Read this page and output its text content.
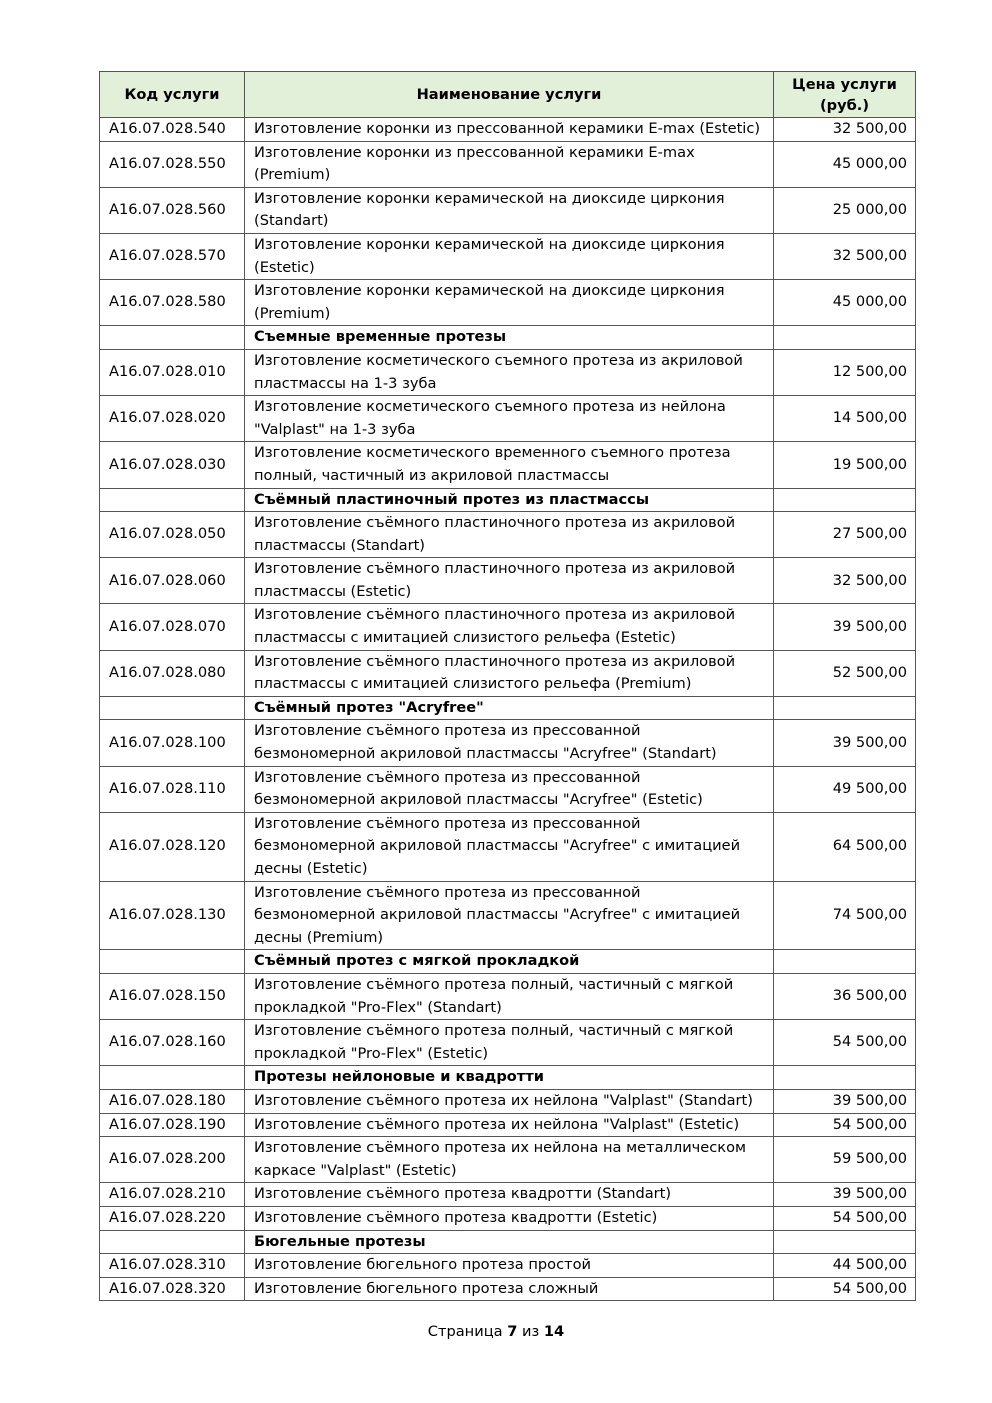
Код услуги	Наименование услуги	Цена услуги (руб.)
A16.07.028.540	Изготовление коронки из прессованной керамики E-max (Estetic)	32 500,00
A16.07.028.550	Изготовление коронки из прессованной керамики E-max (Premium)	45 000,00
A16.07.028.560	Изготовление коронки керамической на диоксиде циркония (Standart)	25 000,00
A16.07.028.570	Изготовление коронки керамической на диоксиде циркония (Estetic)	32 500,00
A16.07.028.580	Изготовление коронки керамической на диоксиде циркония (Premium)	45 000,00
	Съемные временные протезы	
A16.07.028.010	Изготовление косметического съемного протеза из акриловой пластмассы на 1-3 зуба	12 500,00
A16.07.028.020	Изготовление косметического съемного протеза из нейлона "Valplast" на 1-3 зуба	14 500,00
A16.07.028.030	Изготовление косметического временного съемного протеза полный, частичный из акриловой пластмассы	19 500,00
	Съёмный пластиночный протез из пластмассы	
A16.07.028.050	Изготовление съёмного пластиночного протеза из акриловой пластмассы (Standart)	27 500,00
A16.07.028.060	Изготовление съёмного пластиночного протеза из акриловой пластмассы (Estetic)	32 500,00
A16.07.028.070	Изготовление съёмного пластиночного протеза из акриловой пластмассы с имитацией слизистого рельефа (Estetic)	39 500,00
A16.07.028.080	Изготовление съёмного пластиночного протеза из акриловой пластмассы с имитацией слизистого рельефа (Premium)	52 500,00
	Съёмный протез "Acryfree"	
A16.07.028.100	Изготовление съёмного протеза из прессованной безмономерной акриловой пластмассы "Acryfree" (Standart)	39 500,00
A16.07.028.110	Изготовление съёмного протеза из прессованной безмономерной акриловой пластмассы "Acryfree" (Estetic)	49 500,00
A16.07.028.120	Изготовление съёмного протеза из прессованной безмономерной акриловой пластмассы "Acryfree" с имитацией десны (Estetic)	64 500,00
A16.07.028.130	Изготовление съёмного протеза из прессованной безмономерной акриловой пластмассы "Acryfree" с имитацией десны (Premium)	74 500,00
	Съёмный протез с мягкой прокладкой	
A16.07.028.150	Изготовление съёмного протеза полный, частичный с мягкой прокладкой "Pro-Flex" (Standart)	36 500,00
A16.07.028.160	Изготовление съёмного протеза полный, частичный с мягкой прокладкой "Pro-Flex" (Estetic)	54 500,00
	Протезы нейлоновые и квадротти	
A16.07.028.180	Изготовление съёмного протеза их нейлона "Valplast" (Standart)	39 500,00
A16.07.028.190	Изготовление съёмного протеза их нейлона "Valplast" (Estetic)	54 500,00
A16.07.028.200	Изготовление съёмного протеза их нейлона на металлическом каркасе "Valplast" (Estetic)	59 500,00
A16.07.028.210	Изготовление съёмного протеза квадротти (Standart)	39 500,00
A16.07.028.220	Изготовление съёмного протеза квадротти (Estetic)	54 500,00
	Бюгельные протезы	
A16.07.028.310	Изготовление бюгельного протеза простой	44 500,00
A16.07.028.320	Изготовление бюгельного протеза сложный	54 500,00
Страница 7 из 14
